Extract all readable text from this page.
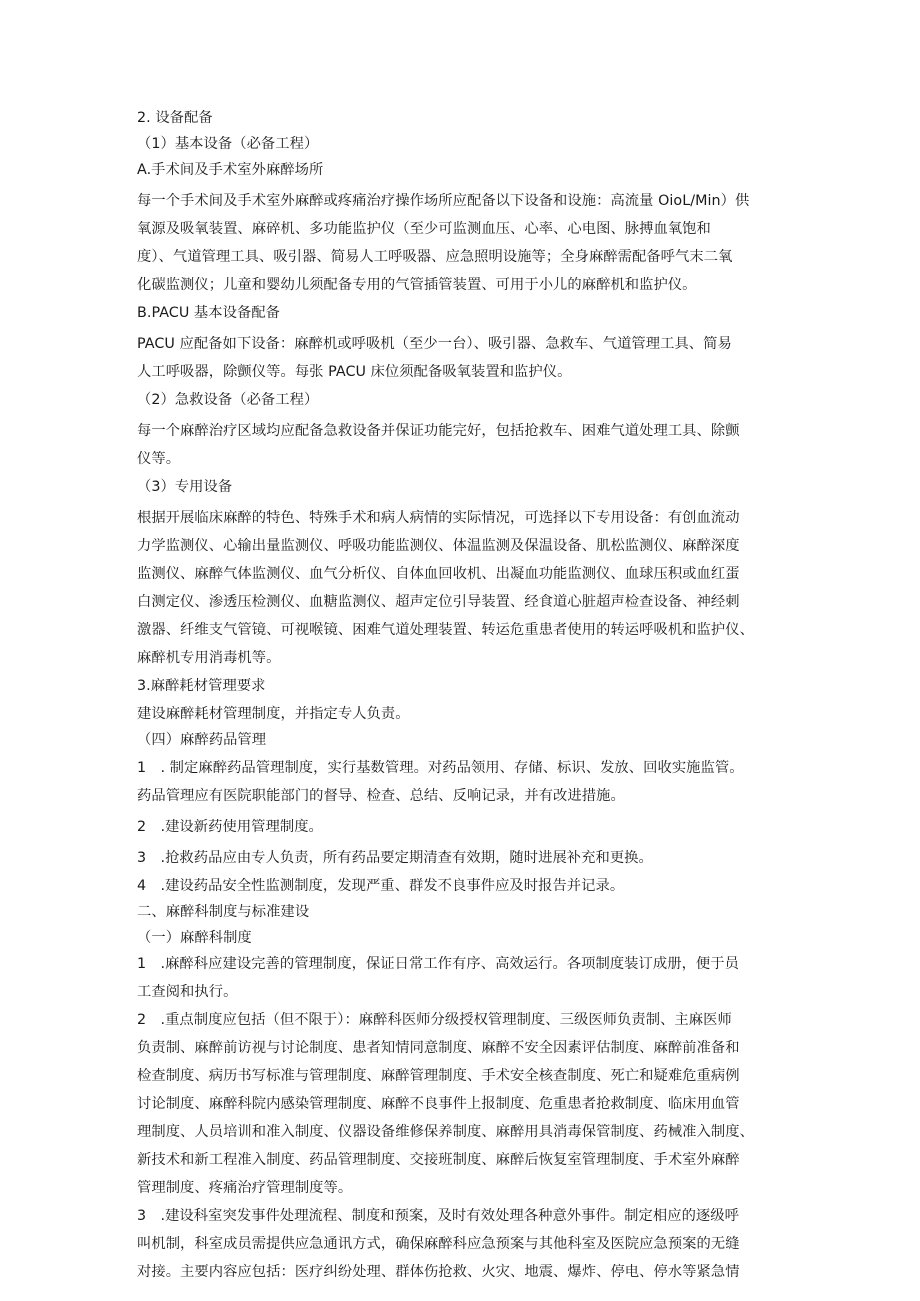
2. 设备配备
（1）基本设备（必备工程）
A.手术间及手术室外麻醉场所
每一个手术间及手术室外麻醉或疼痛治疗操作场所应配备以下设备和设施：高流量 OioL/Min）供
氧源及吸氧装置、麻碎机、多功能监护仪（至少可监测血压、心率、心电图、脉搏血氧饱和
度）、气道管理工具、吸引器、简易人工呼吸器、应急照明设施等；全身麻醉需配备呼气末二氧
化碳监测仪；儿童和婴幼儿须配备专用的气管插管装置、可用于小儿的麻醉机和监护仪。
B.PACU 基本设备配备
PACU 应配备如下设备：麻醉机或呼吸机（至少一台）、吸引器、急救车、气道管理工具、简易
人工呼吸器，除颤仪等。每张 PACU 床位须配备吸氧装置和监护仪。
（2）急救设备（必备工程）
每一个麻醉治疗区域均应配备急救设备并保证功能完好，包括抢救车、困难气道处理工具、除颤
仪等。
（3）专用设备
根据开展临床麻醉的特色、特殊手术和病人病情的实际情况，可选择以下专用设备：有创血流动
力学监测仪、心输出量监测仪、呼吸功能监测仪、体温监测及保温设备、肌松监测仪、麻醉深度
监测仪、麻醉气体监测仪、血气分析仪、自体血回收机、出凝血功能监测仪、血球压积或血红蛋
白测定仪、渗透压检测仪、血糖监测仪、超声定位引导装置、经食道心脏超声检查设备、神经刺
激器、纤维支气管镜、可视喉镜、困难气道处理装置、转运危重患者使用的转运呼吸机和监护仪、
麻醉机专用消毒机等。
3.麻醉耗材管理要求
建设麻醉耗材管理制度，并指定专人负责。
（四）麻醉药品管理
1　. 制定麻醉药品管理制度，实行基数管理。对药品领用、存储、标识、发放、回收实施监管。
药品管理应有医院职能部门的督导、检查、总结、反响记录，并有改进措施。
2　.建设新药使用管理制度。
3　.抢救药品应由专人负责，所有药品要定期清查有效期，随时进展补充和更换。
4　.建设药品安全性监测制度，发现严重、群发不良事件应及时报告并记录。
二、麻醉科制度与标准建设
（一）麻醉科制度
1　.麻醉科应建设完善的管理制度，保证日常工作有序、高效运行。各项制度装订成册，便于员
工查阅和执行。
2　.重点制度应包括（但不限于）：麻醉科医师分级授权管理制度、三级医师负责制、主麻医师
负责制、麻醉前访视与讨论制度、患者知情同意制度、麻醉不安全因素评估制度、麻醉前准备和
检查制度、病历书写标准与管理制度、麻醉管理制度、手术安全核查制度、死亡和疑难危重病例
讨论制度、麻醉科院内感染管理制度、麻醉不良事件上报制度、危重患者抢救制度、临床用血管
理制度、人员培训和准入制度、仪器设备维修保养制度、麻醉用具消毒保管制度、药械准入制度、
新技术和新工程准入制度、药品管理制度、交接班制度、麻醉后恢复室管理制度、手术室外麻醉
管理制度、疼痛治疗管理制度等。
3　.建设科室突发事件处理流程、制度和预案，及时有效处理各种意外事件。制定相应的逐级呼
叫机制，科室成员需提供应急通讯方式，确保麻醉科应急预案与其他科室及医院应急预案的无缝
对接。主要内容应包括：医疗纠纷处理、群体伤抢救、火灾、地震、爆炸、停电、停水等紧急情
